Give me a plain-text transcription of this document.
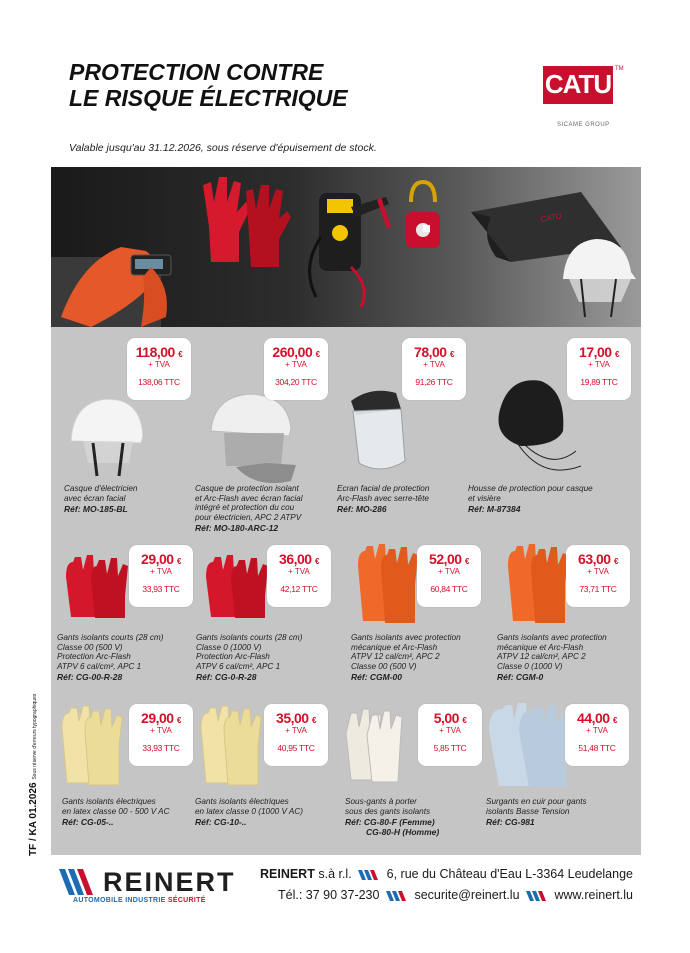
PROTECTION CONTRE
LE RISQUE ÉLECTRIQUE
Valable jusqu'au 31.12.2026, sous réserve d'épuisement de stock.
CATU TM
SICAME GROUP
CATU
118,00 €
+ TVA
138,06 TTC
260,00 €
+ TVA
304,20 TTC
78,00 €
+ TVA
91,26 TTC
17,00 €
+ TVA
19,89 TTC
Casque d'électricien
avec écran facial
Réf: MO-185-BL
Casque de protection isolant
et Arc-Flash avec écran facial
intégré et protection du cou
pour électricien, APC 2 ATPV
Réf: MO-180-ARC-12
Ecran facial de protection
Arc-Flash avec serre-tête
Réf: MO-286
Housse de protection pour casque
et visière
Réf: M-87384
29,00 €
+ TVA
33,93 TTC
36,00 €
+ TVA
42,12 TTC
52,00 €
+ TVA
60,84 TTC
63,00 €
+ TVA
73,71 TTC
Gants isolants courts (28 cm)
Classe 00 (500 V)
Protection Arc-Flash
ATPV 6 cal/cm², APC 1
Réf: CG-00-R-28
Gants isolants courts (28 cm)
Classe 0 (1000 V)
Protection Arc-Flash
ATPV 6 cal/cm², APC 1
Réf: CG-0-R-28
Gants isolants avec protection
mécanique et Arc-Flash
ATPV 12 cal/cm², APC 2
Classe 00 (500 V)
Réf: CGM-00
Gants isolants avec protection
mécanique et Arc-Flash
ATPV 12 cal/cm², APC 2
Classe 0 (1000 V)
Réf: CGM-0
29,00 €
+ TVA
33,93 TTC
35,00 €
+ TVA
40,95 TTC
5,00 €
+ TVA
5,85 TTC
44,00 €
+ TVA
51,48 TTC
Gants isolants électriques
en latex classe 00 - 500 V AC
Réf: CG-05-..
Gants isolants électriques
en latex classe 0 (1000 V AC)
Réf: CG-10-..
Sous-gants à porter
sous des gants isolants
Réf: CG-80-F (Femme)
CG-80-H (Homme)
Surgants en cuir pour gants
isolants Basse Tension
Réf: CG-981
TF / KA 01.2026 Sous réserve d'erreurs typographiques
REINERT
AUTOMOBILE INDUSTRIE SÉCURITÉ
REINERT s.à r.l.	6, rue du Château d'Eau L-3364 Leudelange
Tél.: 37 90 37-230	securite@reinert.lu	www.reinert.lu
